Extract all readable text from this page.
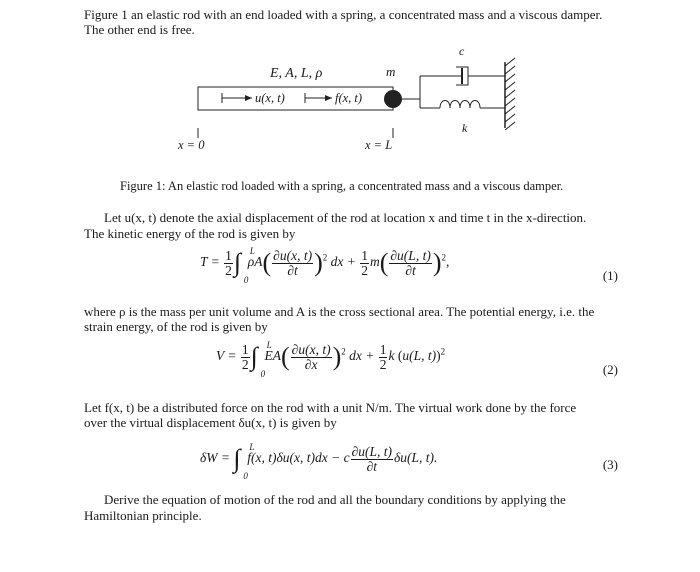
Figure 1 an elastic rod with an end loaded with a spring, a concentrated mass and a viscous damper.
The other end is free.
E, A, L, ρ	m
c
k
u(x, t)	f(x, t)
x = 0	x = L
Figure 1: An elastic rod loaded with a spring, a concentrated mass and a viscous damper.
Let u(x, t) denote the axial displacement of the rod at location x and time t in the x-direction.
The kinetic energy of the rod is given by
$T = \frac{1}{2}$ ∫
0
L
$\rho A( \frac{\partial u(x, t)}{\partial t} )^2$ dx + $\frac{1}{2} m( \frac{\partial u(L, t)}{\partial t} )^2$,
(1)
where ρ is the mass per unit volume and A is the cross sectional area. The potential energy, i.e. the
strain energy, of the rod is given by
$V = \frac{1}{2}$ ∫
0
L
$EA( \frac{\partial u(x, t)}{\partial x} )^2$ dx + $\frac{1}{2}$ k (u(L, t))$^2$
(2)
Let f(x, t) be a distributed force on the rod with a unit N/m. The virtual work done by the force
over the virtual displacement δu(x, t) is given by
δW = ∫
0
L
f(x, t)δu(x, t)dx − c $\frac{\partial u(L, t)}{\partial t} \delta u(L$, t).	(3)
Derive the equation of motion of the rod and all the boundary conditions by applying the
Hamiltonian principle.
